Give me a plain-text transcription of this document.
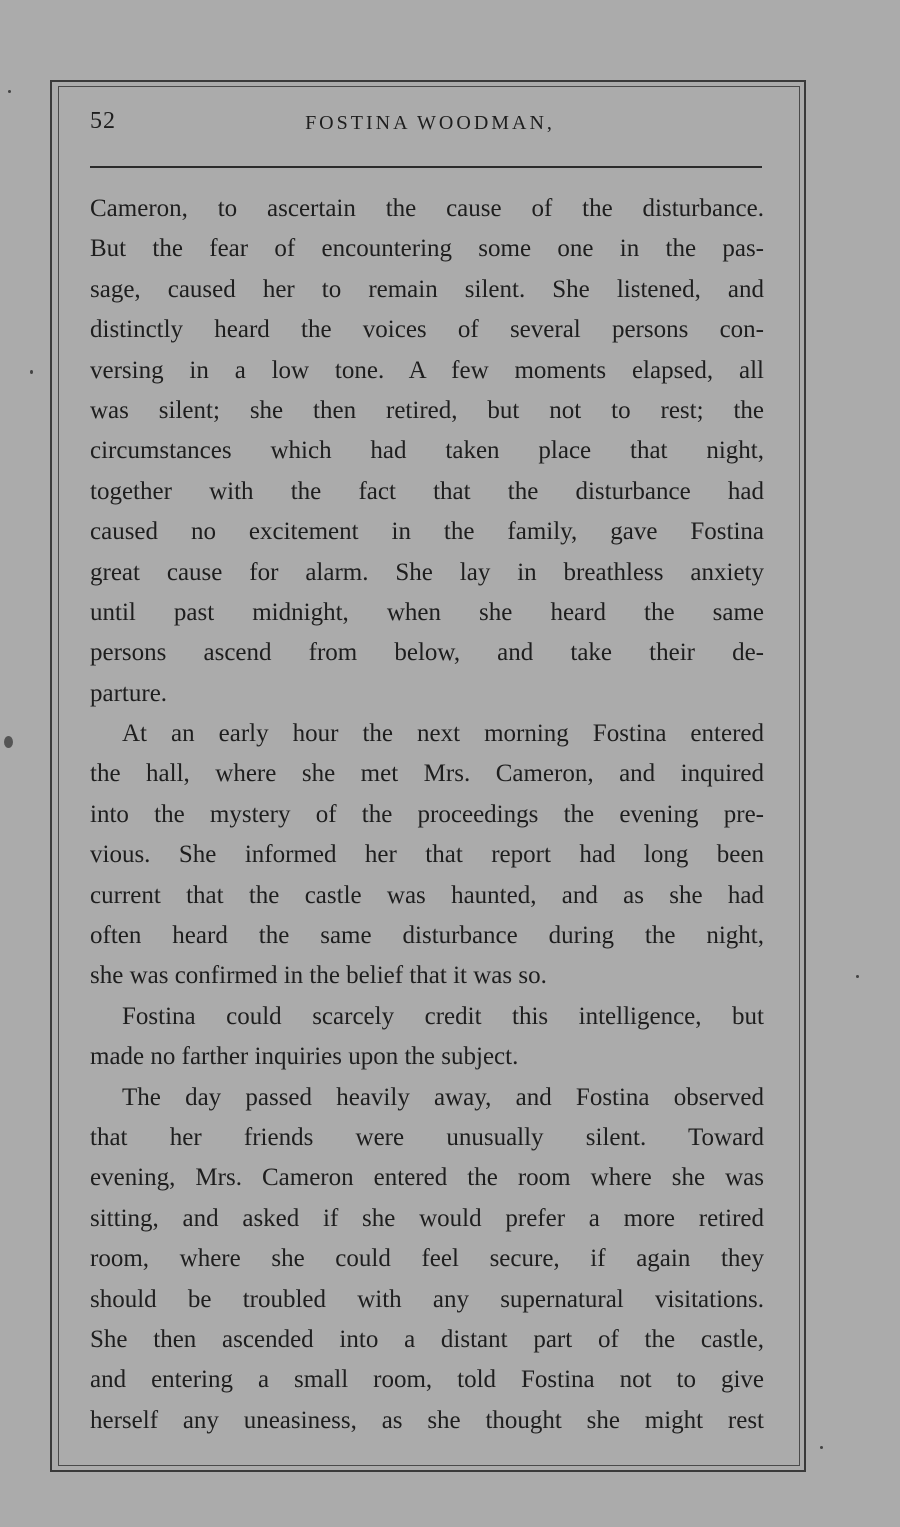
52	FOSTINA WOODMAN,
Cameron, to ascertain the cause of the disturbance.
But the fear of encountering some one in the pas-
sage, caused her to remain silent. She listened, and
distinctly heard the voices of several persons con-
versing in a low tone. A few moments elapsed, all
was silent; she then retired, but not to rest; the
circumstances which had taken place that night,
together with the fact that the disturbance had
caused no excitement in the family, gave Fostina
great cause for alarm. She lay in breathless anxiety
until past midnight, when she heard the same
persons ascend from below, and take their de-
parture.
At an early hour the next morning Fostina entered
the hall, where she met Mrs. Cameron, and inquired
into the mystery of the proceedings the evening pre-
vious. She informed her that report had long been
current that the castle was haunted, and as she had
often heard the same disturbance during the night,
she was confirmed in the belief that it was so.
Fostina could scarcely credit this intelligence, but
made no farther inquiries upon the subject.
The day passed heavily away, and Fostina observed
that her friends were unusually silent. Toward
evening, Mrs. Cameron entered the room where she was
sitting, and asked if she would prefer a more retired
room, where she could feel secure, if again they
should be troubled with any supernatural visitations.
She then ascended into a distant part of the castle,
and entering a small room, told Fostina not to give
herself any uneasiness, as she thought she might rest
